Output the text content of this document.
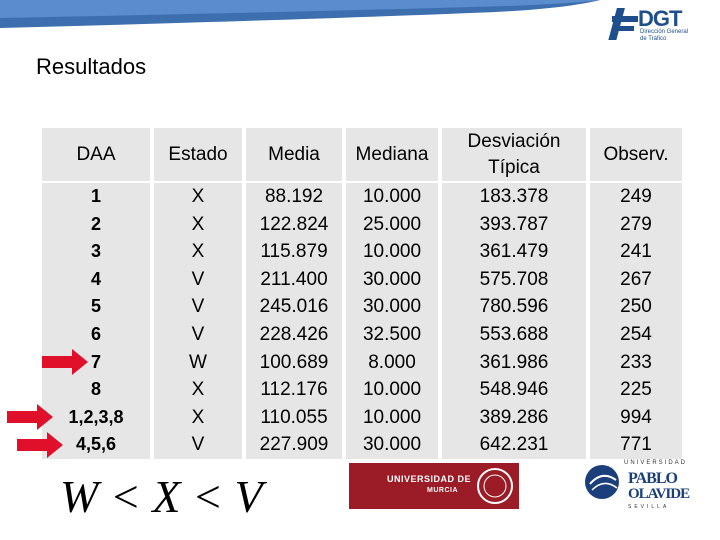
DGT
Dirección General de Tráfico
Resultados
DAA
1
2
3
4
5
6
7
8
1,2,3,8
4,5,6
Estado
X
X
X
V
V
V
W
X
X
V
Media
88.192
122.824
115.879
211.400
245.016
228.426
100.689
112.176
110.055
227.909
Mediana
10.000
25.000
10.000
30.000
30.000
32.500
8.000
10.000
10.000
30.000
Desviación Típica
183.378
393.787
361.479
575.708
780.596
553.688
361.986
548.946
389.286
642.231
Observ.
249
279
241
267
250
254
233
225
994
771
W < X < V	UNIVERSIDAD DE
MURCIA
UNIVERSIDAD
PABLO
OLAVIDE
SEVILLA
